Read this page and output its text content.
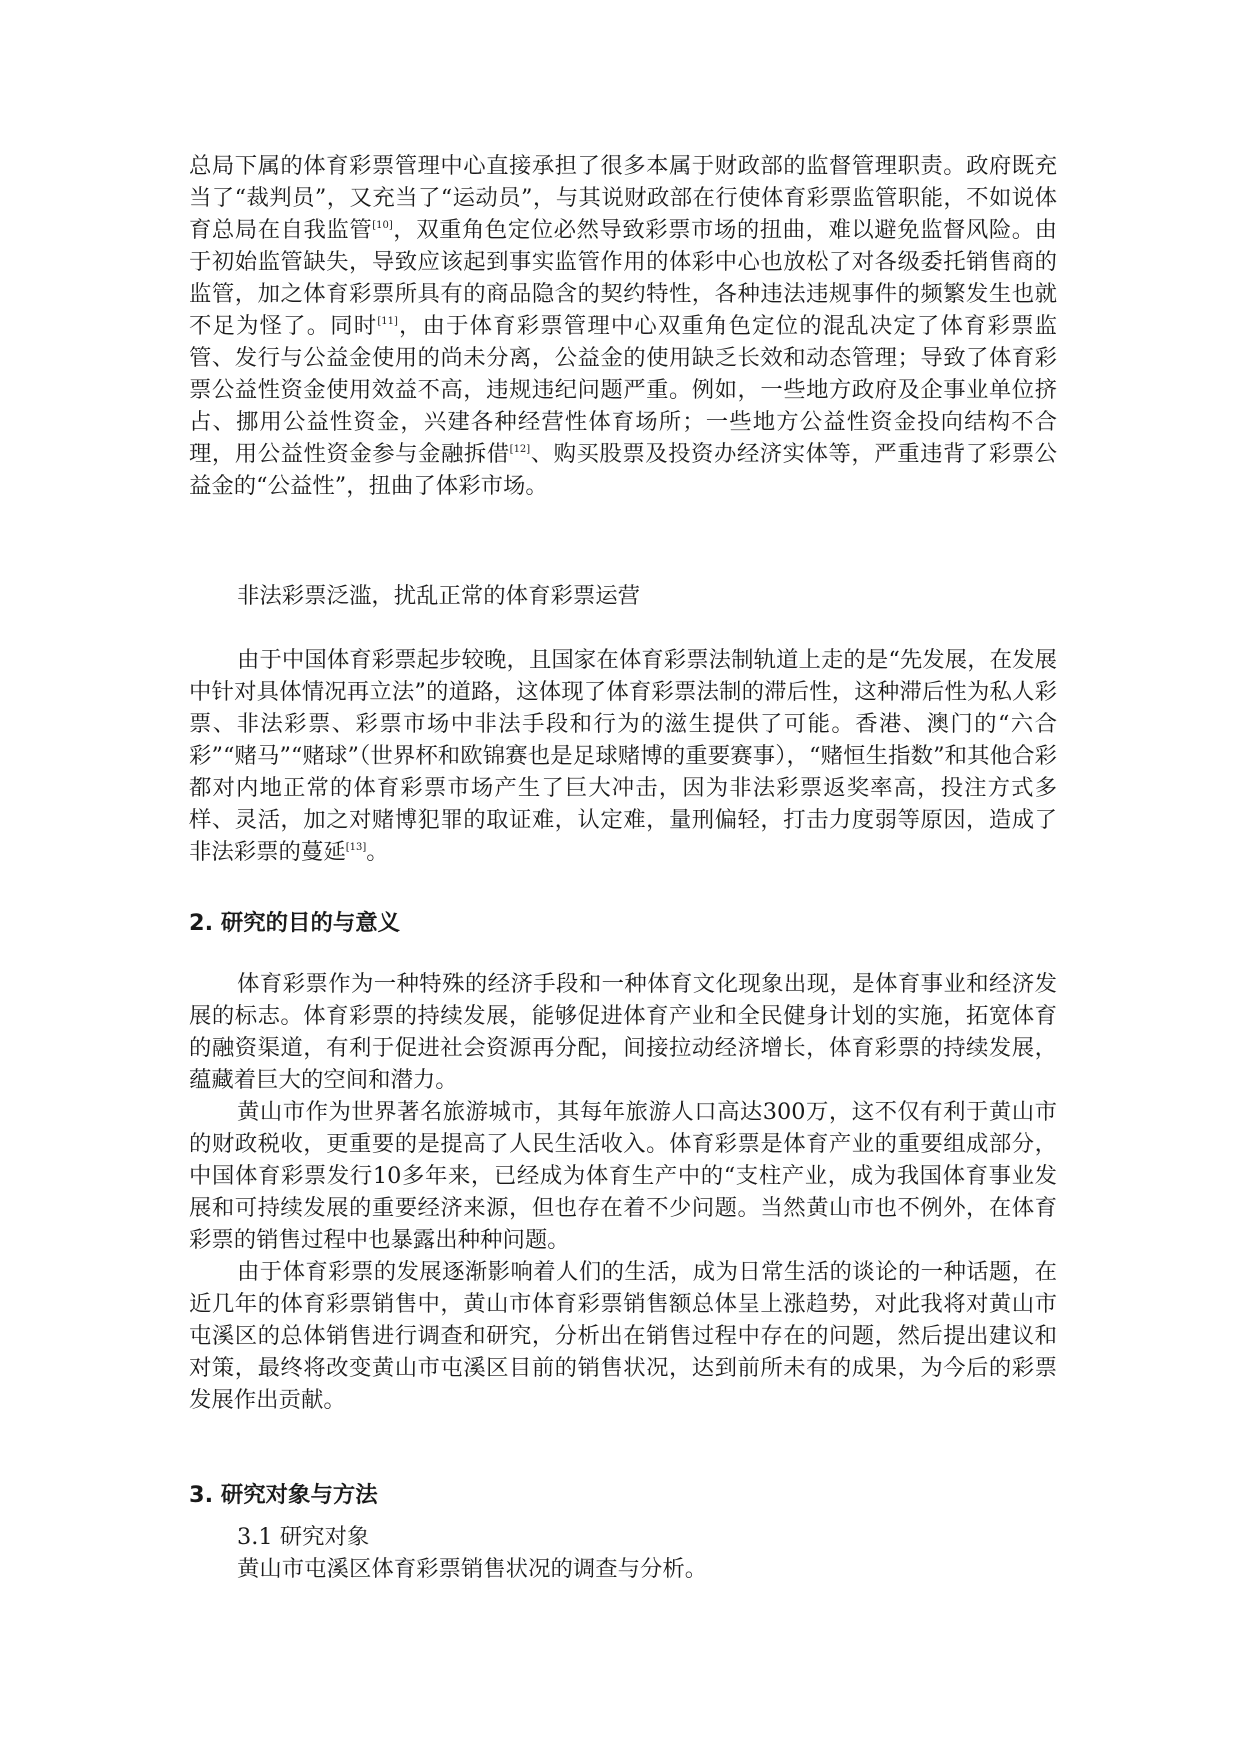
总局下属的体育彩票管理中心直接承担了很多本属于财政部的监督管理职责。政府既充当了“裁判员”，又充当了“运动员”，与其说财政部在行使体育彩票监管职能，不如说体育总局在自我监管[10]，双重角色定位必然导致彩票市场的扭曲，难以避免监督风险。由于初始监管缺失，导致应该起到事实监管作用的体彩中心也放松了对各级委托销售商的监管，加之体育彩票所具有的商品隐含的契约特性，各种违法违规事件的频繁发生也就不足为怪了。同时[11]，由于体育彩票管理中心双重角色定位的混乱决定了体育彩票监管、发行与公益金使用的尚未分离，公益金的使用缺乏长效和动态管理；导致了体育彩票公益性资金使用效益不高，违规违纪问题严重。例如，一些地方政府及企事业单位挤占、挪用公益性资金，兴建各种经营性体育场所；一些地方公益性资金投向结构不合理，用公益性资金参与金融拆借[12]、购买股票及投资办经济实体等，严重违背了彩票公益金的“公益性”，扭曲了体彩市场。

非法彩票泛滥，扰乱正常的体育彩票运营

由于中国体育彩票起步较晚，且国家在体育彩票法制轨道上走的是“先发展，在发展中针对具体情况再立法”的道路，这体现了体育彩票法制的滞后性，这种滞后性为私人彩票、非法彩票、彩票市场中非法手段和行为的滋生提供了可能。香港、澳门的“六合彩”“赌马”“赌球”（世界杯和欧锦赛也是足球赌博的重要赛事），“赌恒生指数”和其他合彩都对内地正常的体育彩票市场产生了巨大冲击，因为非法彩票返奖率高，投注方式多样、灵活，加之对赌博犯罪的取证难，认定难，量刑偏轻，打击力度弱等原因，造成了非法彩票的蔓延[13]。

2. 研究的目的与意义

体育彩票作为一种特殊的经济手段和一种体育文化现象出现，是体育事业和经济发展的标志。体育彩票的持续发展，能够促进体育产业和全民健身计划的实施，拓宽体育的融资渠道，有利于促进社会资源再分配，间接拉动经济增长，体育彩票的持续发展，蕴藏着巨大的空间和潜力。

黄山市作为世界著名旅游城市，其每年旅游人口高达300万，这不仅有利于黄山市的财政税收，更重要的是提高了人民生活收入。体育彩票是体育产业的重要组成部分，中国体育彩票发行10多年来，已经成为体育生产中的“支柱产业，成为我国体育事业发展和可持续发展的重要经济来源，但也存在着不少问题。当然黄山市也不例外，在体育彩票的销售过程中也暴露出种种问题。

由于体育彩票的发展逐渐影响着人们的生活，成为日常生活的谈论的一种话题，在近几年的体育彩票销售中，黄山市体育彩票销售额总体呈上涨趋势，对此我将对黄山市屯溪区的总体销售进行调查和研究，分析出在销售过程中存在的问题，然后提出建议和对策，最终将改变黄山市屯溪区目前的销售状况，达到前所未有的成果，为今后的彩票发展作出贡献。

3. 研究对象与方法

3.1 研究对象

黄山市屯溪区体育彩票销售状况的调查与分析。
